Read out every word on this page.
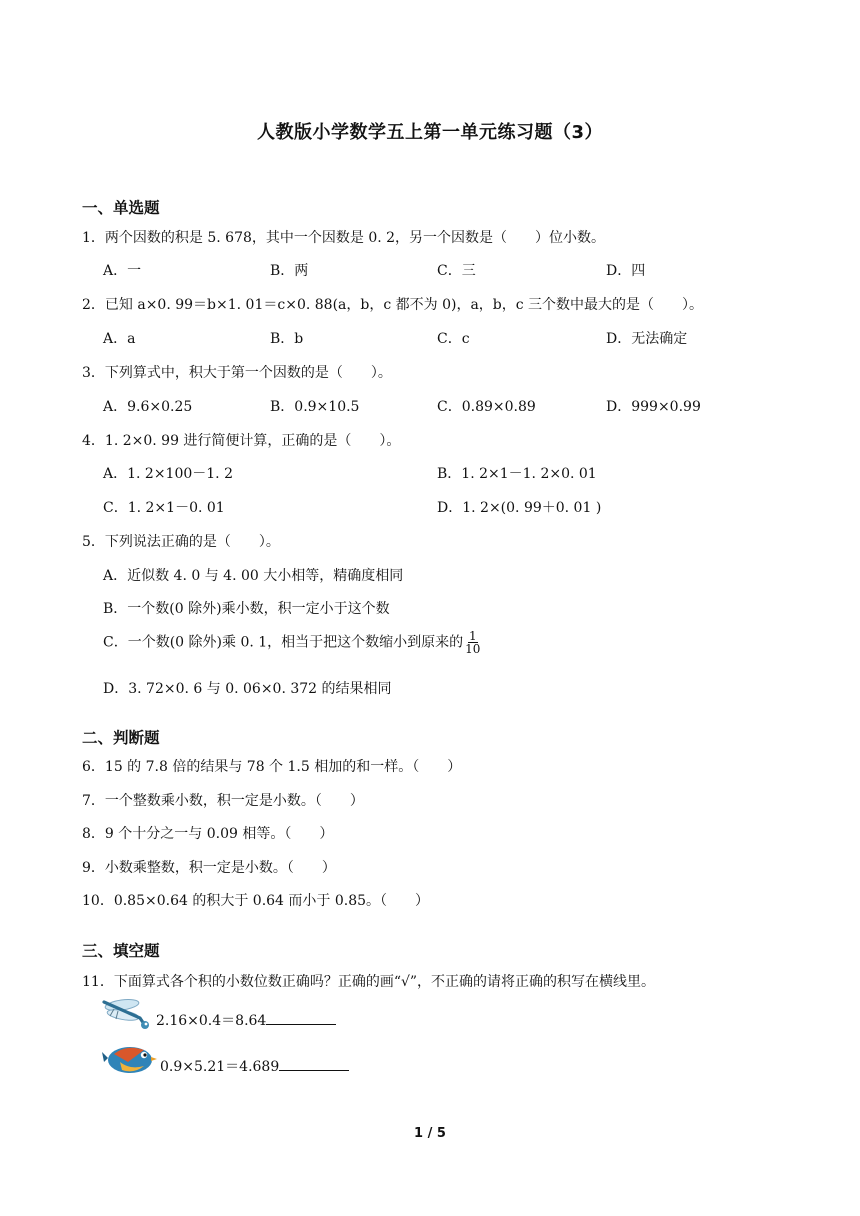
人教版小学数学五上第一单元练习题（3）
一、单选题
1．两个因数的积是 5. 678，其中一个因数是 0. 2，另一个因数是（　　）位小数。
A．一	B．两	C．三	D．四
2．已知 a×0. 99＝b×1. 01＝c×0. 88(a，b，c 都不为 0)，a，b，c 三个数中最大的是（　　）。
A．a	B．b	C．c	D．无法确定
3．下列算式中，积大于第一个因数的是（　　）。
A．9.6×0.25	B．0.9×10.5	C．0.89×0.89	D．999×0.99
4．1. 2×0. 99 进行简便计算，正确的是（　　）。
A．1. 2×100－1. 2	B．1. 2×1－1. 2×0. 01
C．1. 2×1－0. 01	D．1. 2×(0. 99＋0. 01 )
5．下列说法正确的是（　　）。
A．近似数 4. 0 与 4. 00 大小相等，精确度相同
B．一个数(0 除外)乘小数，积一定小于这个数
C．一个数(0 除外)乘 0. 1，相当于把这个数缩小到原来的 $\frac{1}{10}$
D．3. 72×0. 6 与 0. 06×0. 372 的结果相同
二、判断题
6．15 的 7.8 倍的结果与 78 个 1.5 相加的和一样。（　　）
7．一个整数乘小数，积一定是小数。（　　）
8．9 个十分之一与 0.09 相等。（　　）
9．小数乘整数，积一定是小数。（　　）
10．0.85×0.64 的积大于 0.64 而小于 0.85。（　　）
三、填空题
11．下面算式各个积的小数位数正确吗？正确的画“√”，不正确的请将正确的积写在横线里。
2.16×0.4＝8.64
0.9×5.21＝4.689
1 / 5
